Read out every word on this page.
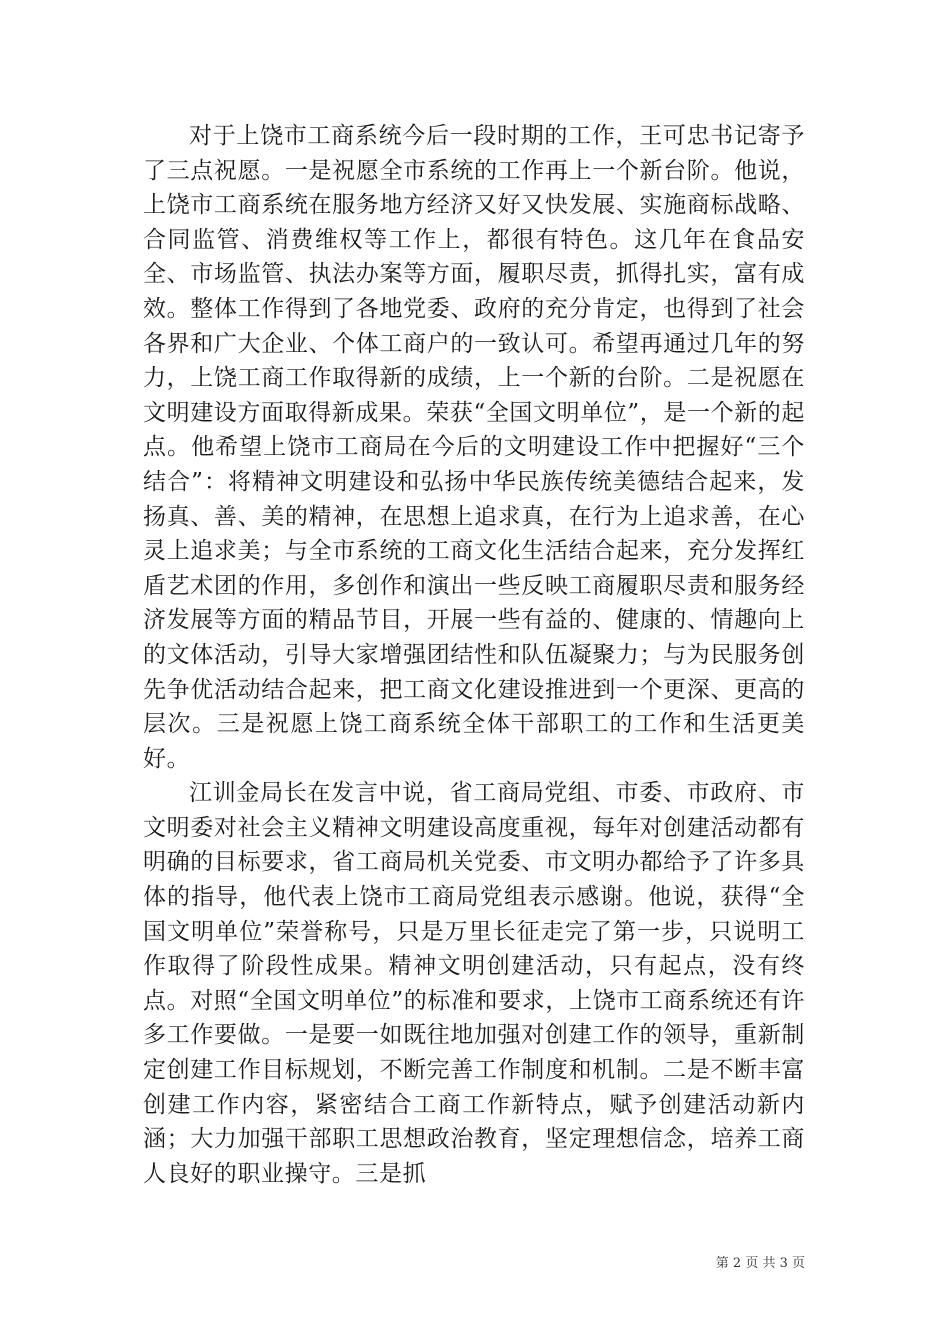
对于上饶市工商系统今后一段时期的工作，王可忠书记寄予了三点祝愿。一是祝愿全市系统的工作再上一个新台阶。他说，上饶市工商系统在服务地方经济又好又快发展、实施商标战略、合同监管、消费维权等工作上，都很有特色。这几年在食品安全、市场监管、执法办案等方面，履职尽责，抓得扎实，富有成效。整体工作得到了各地党委、政府的充分肯定，也得到了社会各界和广大企业、个体工商户的一致认可。希望再通过几年的努力，上饶工商工作取得新的成绩，上一个新的台阶。二是祝愿在文明建设方面取得新成果。荣获“全国文明单位”，是一个新的起点。他希望上饶市工商局在今后的文明建设工作中把握好“三个结合”：将精神文明建设和弘扬中华民族传统美德结合起来，发扬真、善、美的精神，在思想上追求真，在行为上追求善，在心灵上追求美；与全市系统的工商文化生活结合起来，充分发挥红盾艺术团的作用，多创作和演出一些反映工商履职尽责和服务经济发展等方面的精品节目，开展一些有益的、健康的、情趣向上的文体活动，引导大家增强团结性和队伍凝聚力；与为民服务创先争优活动结合起来，把工商文化建设推进到一个更深、更高的层次。三是祝愿上饶工商系统全体干部职工的工作和生活更美好。

江训金局长在发言中说，省工商局党组、市委、市政府、市文明委对社会主义精神文明建设高度重视，每年对创建活动都有明确的目标要求，省工商局机关党委、市文明办都给予了许多具体的指导，他代表上饶市工商局党组表示感谢。他说，获得“全国文明单位”荣誉称号，只是万里长征走完了第一步，只说明工作取得了阶段性成果。精神文明创建活动，只有起点，没有终点。对照“全国文明单位”的标准和要求，上饶市工商系统还有许多工作要做。一是要一如既往地加强对创建工作的领导，重新制定创建工作目标规划，不断完善工作制度和机制。二是不断丰富创建工作内容，紧密结合工商工作新特点，赋予创建活动新内涵；大力加强干部职工思想政治教育，坚定理想信念，培养工商人良好的职业操守。三是抓

第 2 页 共 3 页
